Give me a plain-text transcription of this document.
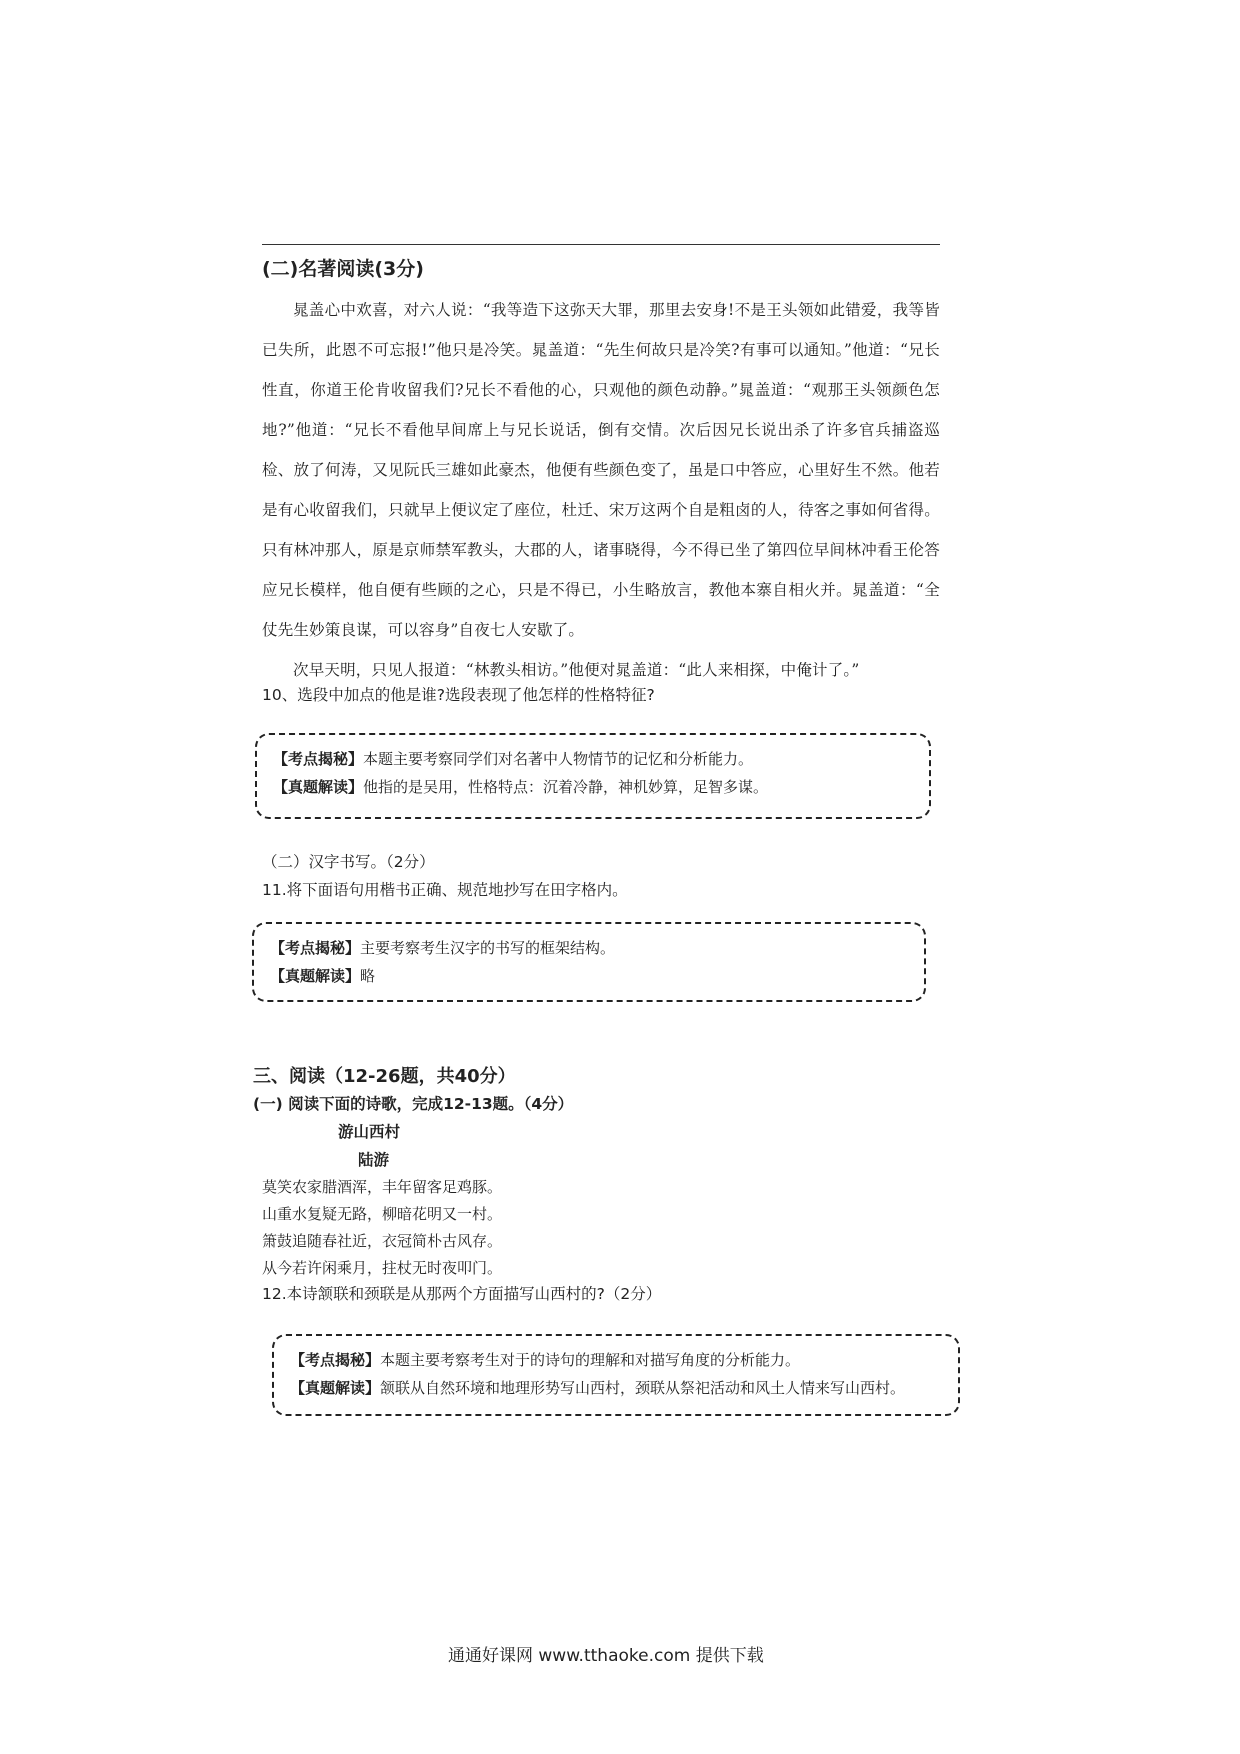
(二)名著阅读(3分)

晁盖心中欢喜，对六人说：“我等造下这弥天大罪，那里去安身!不是王头领如此错爱，我等皆已失所，此恩不可忘报!”他只是冷笑。晁盖道：“先生何故只是冷笑?有事可以通知。”他道：“兄长性直，你道王伦肯收留我们?兄长不看他的心，只观他的颜色动静。”晁盖道：“观那王头领颜色怎地?”他道：“兄长不看他早间席上与兄长说话，倒有交情。次后因兄长说出杀了许多官兵捕盗巡检、放了何涛，又见阮氏三雄如此豪杰，他便有些颜色变了，虽是口中答应，心里好生不然。他若是有心收留我们，只就早上便议定了座位，杜迁、宋万这两个自是粗卤的人，待客之事如何省得。只有林冲那人，原是京师禁军教头，大郡的人，诸事晓得，今不得已坐了第四位早间林冲看王伦答应兄长模样，他自便有些顾的之心，只是不得已，小生略放言，教他本寨自相火并。晁盖道：“全仗先生妙策良谋，可以容身”自夜七人安歇了。

次早天明，只见人报道：“林教头相访。”他便对晁盖道：“此人来相探，中俺计了。”

10、选段中加点的他是谁?选段表现了他怎样的性格特征?
【考点揭秘】本题主要考察同学们对名著中人物情节的记忆和分析能力。
【真题解读】他指的是吴用，性格特点：沉着冷静，神机妙算，足智多谋。
（二）汉字书写。（2分）
11.将下面语句用楷书正确、规范地抄写在田字格内。
【考点揭秘】主要考察考生汉字的书写的框架结构。
【真题解读】略
三、阅读（12-26题，共40分）
(一) 阅读下面的诗歌，完成12-13题。（4分）
游山西村
陆游
莫笑农家腊酒浑，丰年留客足鸡豚。
山重水复疑无路，柳暗花明又一村。
箫鼓追随春社近，衣冠简朴古风存。
从今若许闲乘月，拄杖无时夜叩门。
12.本诗颔联和颈联是从那两个方面描写山西村的?（2分）
【考点揭秘】本题主要考察考生对于的诗句的理解和对描写角度的分析能力。
【真题解读】颔联从自然环境和地理形势写山西村，颈联从祭祀活动和风土人情来写山西村。
通通好课网 www.tthaoke.com 提供下载
